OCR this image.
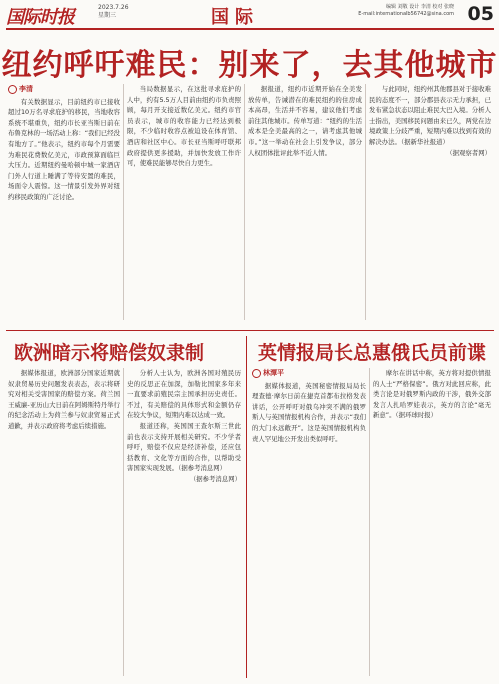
国际时报	2023.7.26
星期三	国际	编辑 刘敬 设计 李清 校对 张晓
E-mail:internationalb56742@sina.com 05
纽约呼吁难民：别来了，去其他城市
李清

有关数据显示，目前纽约市已接收超过10万名寻求庇护的移民，当地收容系统不堪重负，纽约市长亚当斯日前在布鲁克林的一场活动上称：“我们已经没有地方了。”他表示，纽约市每个月需要为难民花费数亿美元，市政预算面临巨大压力。近期纽约曼哈顿中城一家酒店门外人行道上睡满了等待安置的难民，场面令人震惊。这一情景引发外界对纽约移民政策的广泛讨论。

当局数据显示，在这批寻求庇护的人中，约有5.5万人目前由纽约市负责照顾，每月开支接近数亿美元。纽约市官员表示，城市的收容能力已经达到极限，不少临时收容点被迫设在体育馆、酒店和社区中心。市长亚当斯呼吁联邦政府提供更多援助，并加快发放工作许可，使难民能够尽快自力更生。

据报道，纽约市近期开始在全美发放传单，告诫潜在的难民纽约的住房成本高昂，生活并不容易，建议他们考虑前往其他城市。传单写道：“纽约的生活成本是全美最高的之一，请考虑其他城市。”这一举动在社会上引发争议，部分人权团体批评此举不近人情。

与此同时，纽约州其他郡县对于接收难民的态度不一，部分郡县表示无力承担，已发布紧急状态以阻止难民大巴入境。分析人士指出，美国移民问题由来已久，两党在边境政策上分歧严重，短期内难以找到有效的解决办法。（据新华社报道）

（据观察者网）
欧洲暗示将赔偿奴隶制

据媒体报道，欧洲部分国家近期就奴隶贸易历史问题发表表态，表示将研究对相关受害国家的赔偿方案。荷兰国王威廉-亚历山大日前在阿姆斯特丹举行的纪念活动上为荷兰参与奴隶贸易正式道歉，并表示政府将考虑后续措施。

分析人士认为，欧洲各国对殖民历史的反思正在加深，加勒比国家多年来一直要求前殖民宗主国承担历史责任。不过，有关赔偿的具体形式和金额仍存在较大争议，短期内难以达成一致。

报道还称，英国国王查尔斯三世此前也表示支持开展相关研究。不少学者呼吁，赔偿不仅应是经济补偿，还应包括教育、文化等方面的合作，以帮助受害国家实现发展。（据参考消息网）

（据参考消息网）
英情报局长总惠俄氏员前谍
林潭平

据媒体报道，英国秘密情报局局长理查德·摩尔日前在捷克首都布拉格发表讲话，公开呼吁对俄乌冲突不满的俄罗斯人与英国情报机构合作，并表示“我们的大门永远敞开”。这是英国情报机构负责人罕见地公开发出类似呼吁。

摩尔在讲话中称，英方将对提供情报的人士“严格保密”。俄方对此回应称，此类言论是对俄罗斯内政的干涉，俄外交部发言人扎哈罗娃表示，英方的言论“毫无新意”。（据环球时报）
